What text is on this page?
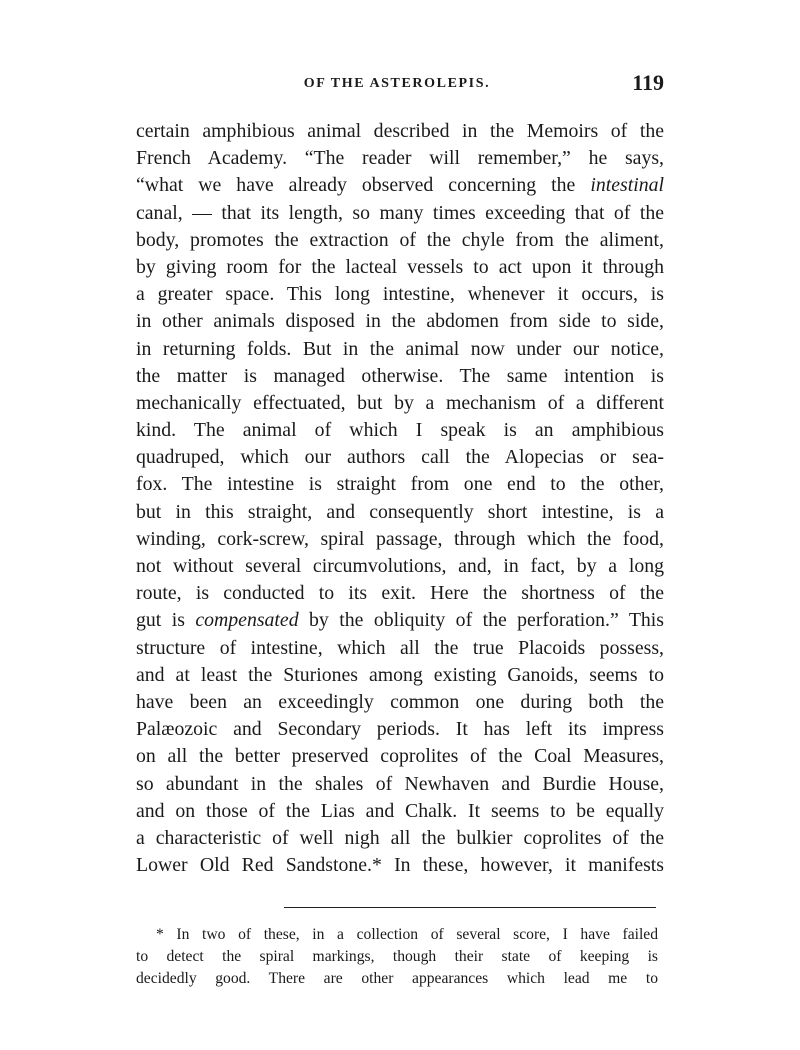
OF THE ASTEROLEPIS.	119
certain amphibious animal described in the Memoirs of the
French Academy. “The reader will remember,” he says,
“what we have already observed concerning the intestinal
canal, — that its length, so many times exceeding that of the
body, promotes the extraction of the chyle from the aliment,
by giving room for the lacteal vessels to act upon it through
a greater space. This long intestine, whenever it occurs, is
in other animals disposed in the abdomen from side to side,
in returning folds. But in the animal now under our notice,
the matter is managed otherwise. The same intention is
mechanically effectuated, but by a mechanism of a different
kind. The animal of which I speak is an amphibious
quadruped, which our authors call the Alopecias or sea-
fox. The intestine is straight from one end to the other,
but in this straight, and consequently short intestine, is a
winding, cork-screw, spiral passage, through which the food,
not without several circumvolutions, and, in fact, by a long
route, is conducted to its exit. Here the shortness of the
gut is compensated by the obliquity of the perforation.” This
structure of intestine, which all the true Placoids possess,
and at least the Sturiones among existing Ganoids, seems to
have been an exceedingly common one during both the
Palæozoic and Secondary periods. It has left its impress
on all the better preserved coprolites of the Coal Measures,
so abundant in the shales of Newhaven and Burdie House,
and on those of the Lias and Chalk. It seems to be equally
a characteristic of well nigh all the bulkier coprolites of the
Lower Old Red Sandstone.* In these, however, it manifests
* In two of these, in a collection of several score, I have failed
to detect the spiral markings, though their state of keeping is
decidedly good. There are other appearances which lead me to
